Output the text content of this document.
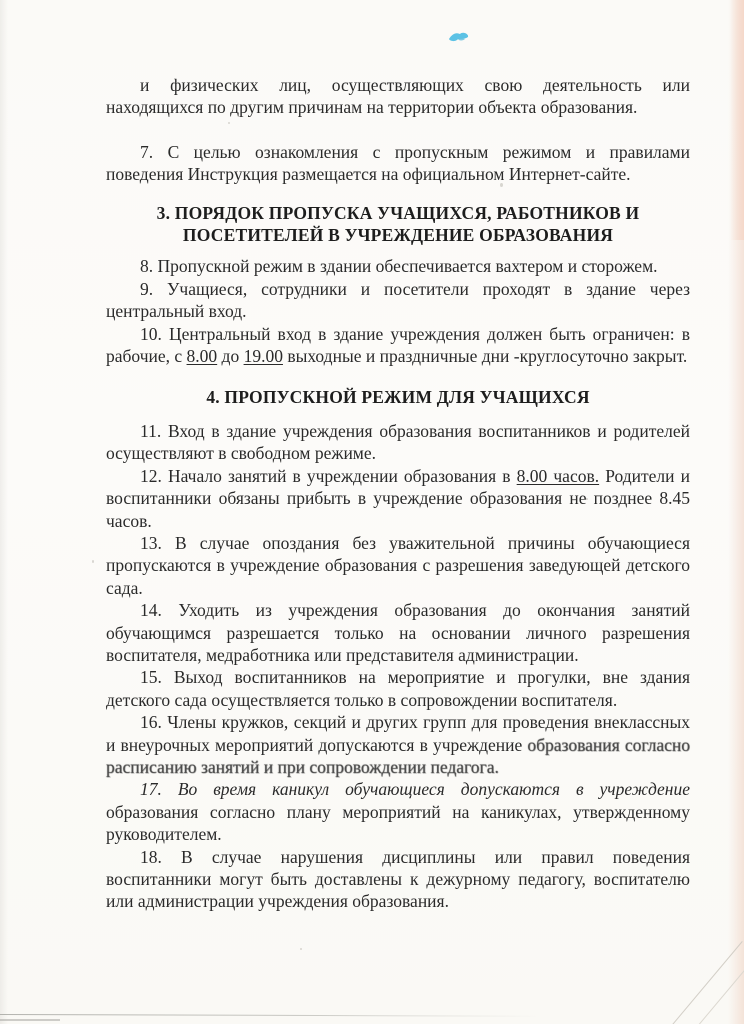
и физических лиц, осуществляющих свою деятельность или находящихся по другим причинам на территории объекта образования.

7. С целью ознакомления с пропускным режимом и правилами поведения Инструкция размещается на официальном Интернет-сайте.

3. ПОРЯДОК ПРОПУСКА УЧАЩИХСЯ, РАБОТНИКОВ И ПОСЕТИТЕЛЕЙ В УЧРЕЖДЕНИЕ ОБРАЗОВАНИЯ

8. Пропускной режим в здании обеспечивается вахтером и сторожем.

9. Учащиеся, сотрудники и посетители проходят в здание через центральный вход.

10. Центральный вход в здание учреждения должен быть ограничен: в рабочие, с 8.00 до 19.00 выходные и праздничные дни -круглосуточно закрыт.

4. ПРОПУСКНОЙ РЕЖИМ ДЛЯ УЧАЩИХСЯ

11. Вход в здание учреждения образования воспитанников и родителей осуществляют в свободном режиме.

12. Начало занятий в учреждении образования в 8.00 часов. Родители и воспитанники обязаны прибыть в учреждение образования не позднее 8.45 часов.

13. В случае опоздания без уважительной причины обучающиеся пропускаются в учреждение образования с разрешения заведующей детского сада.

14. Уходить из учреждения образования до окончания занятий обучающимся разрешается только на основании личного разрешения воспитателя, медработника или представителя администрации.

15. Выход воспитанников на мероприятие и прогулки, вне здания детского сада осуществляется только в сопровождении воспитателя.

16. Члены кружков, секций и других групп для проведения внеклассных и внеурочных мероприятий допускаются в учреждение образования согласно расписанию занятий и при сопровождении педагога.

17. Во время каникул обучающиеся допускаются в учреждение образования согласно плану мероприятий на каникулах, утвержденному руководителем.

18. В случае нарушения дисциплины или правил поведения воспитанники могут быть доставлены к дежурному педагогу, воспитателю или администрации учреждения образования.
